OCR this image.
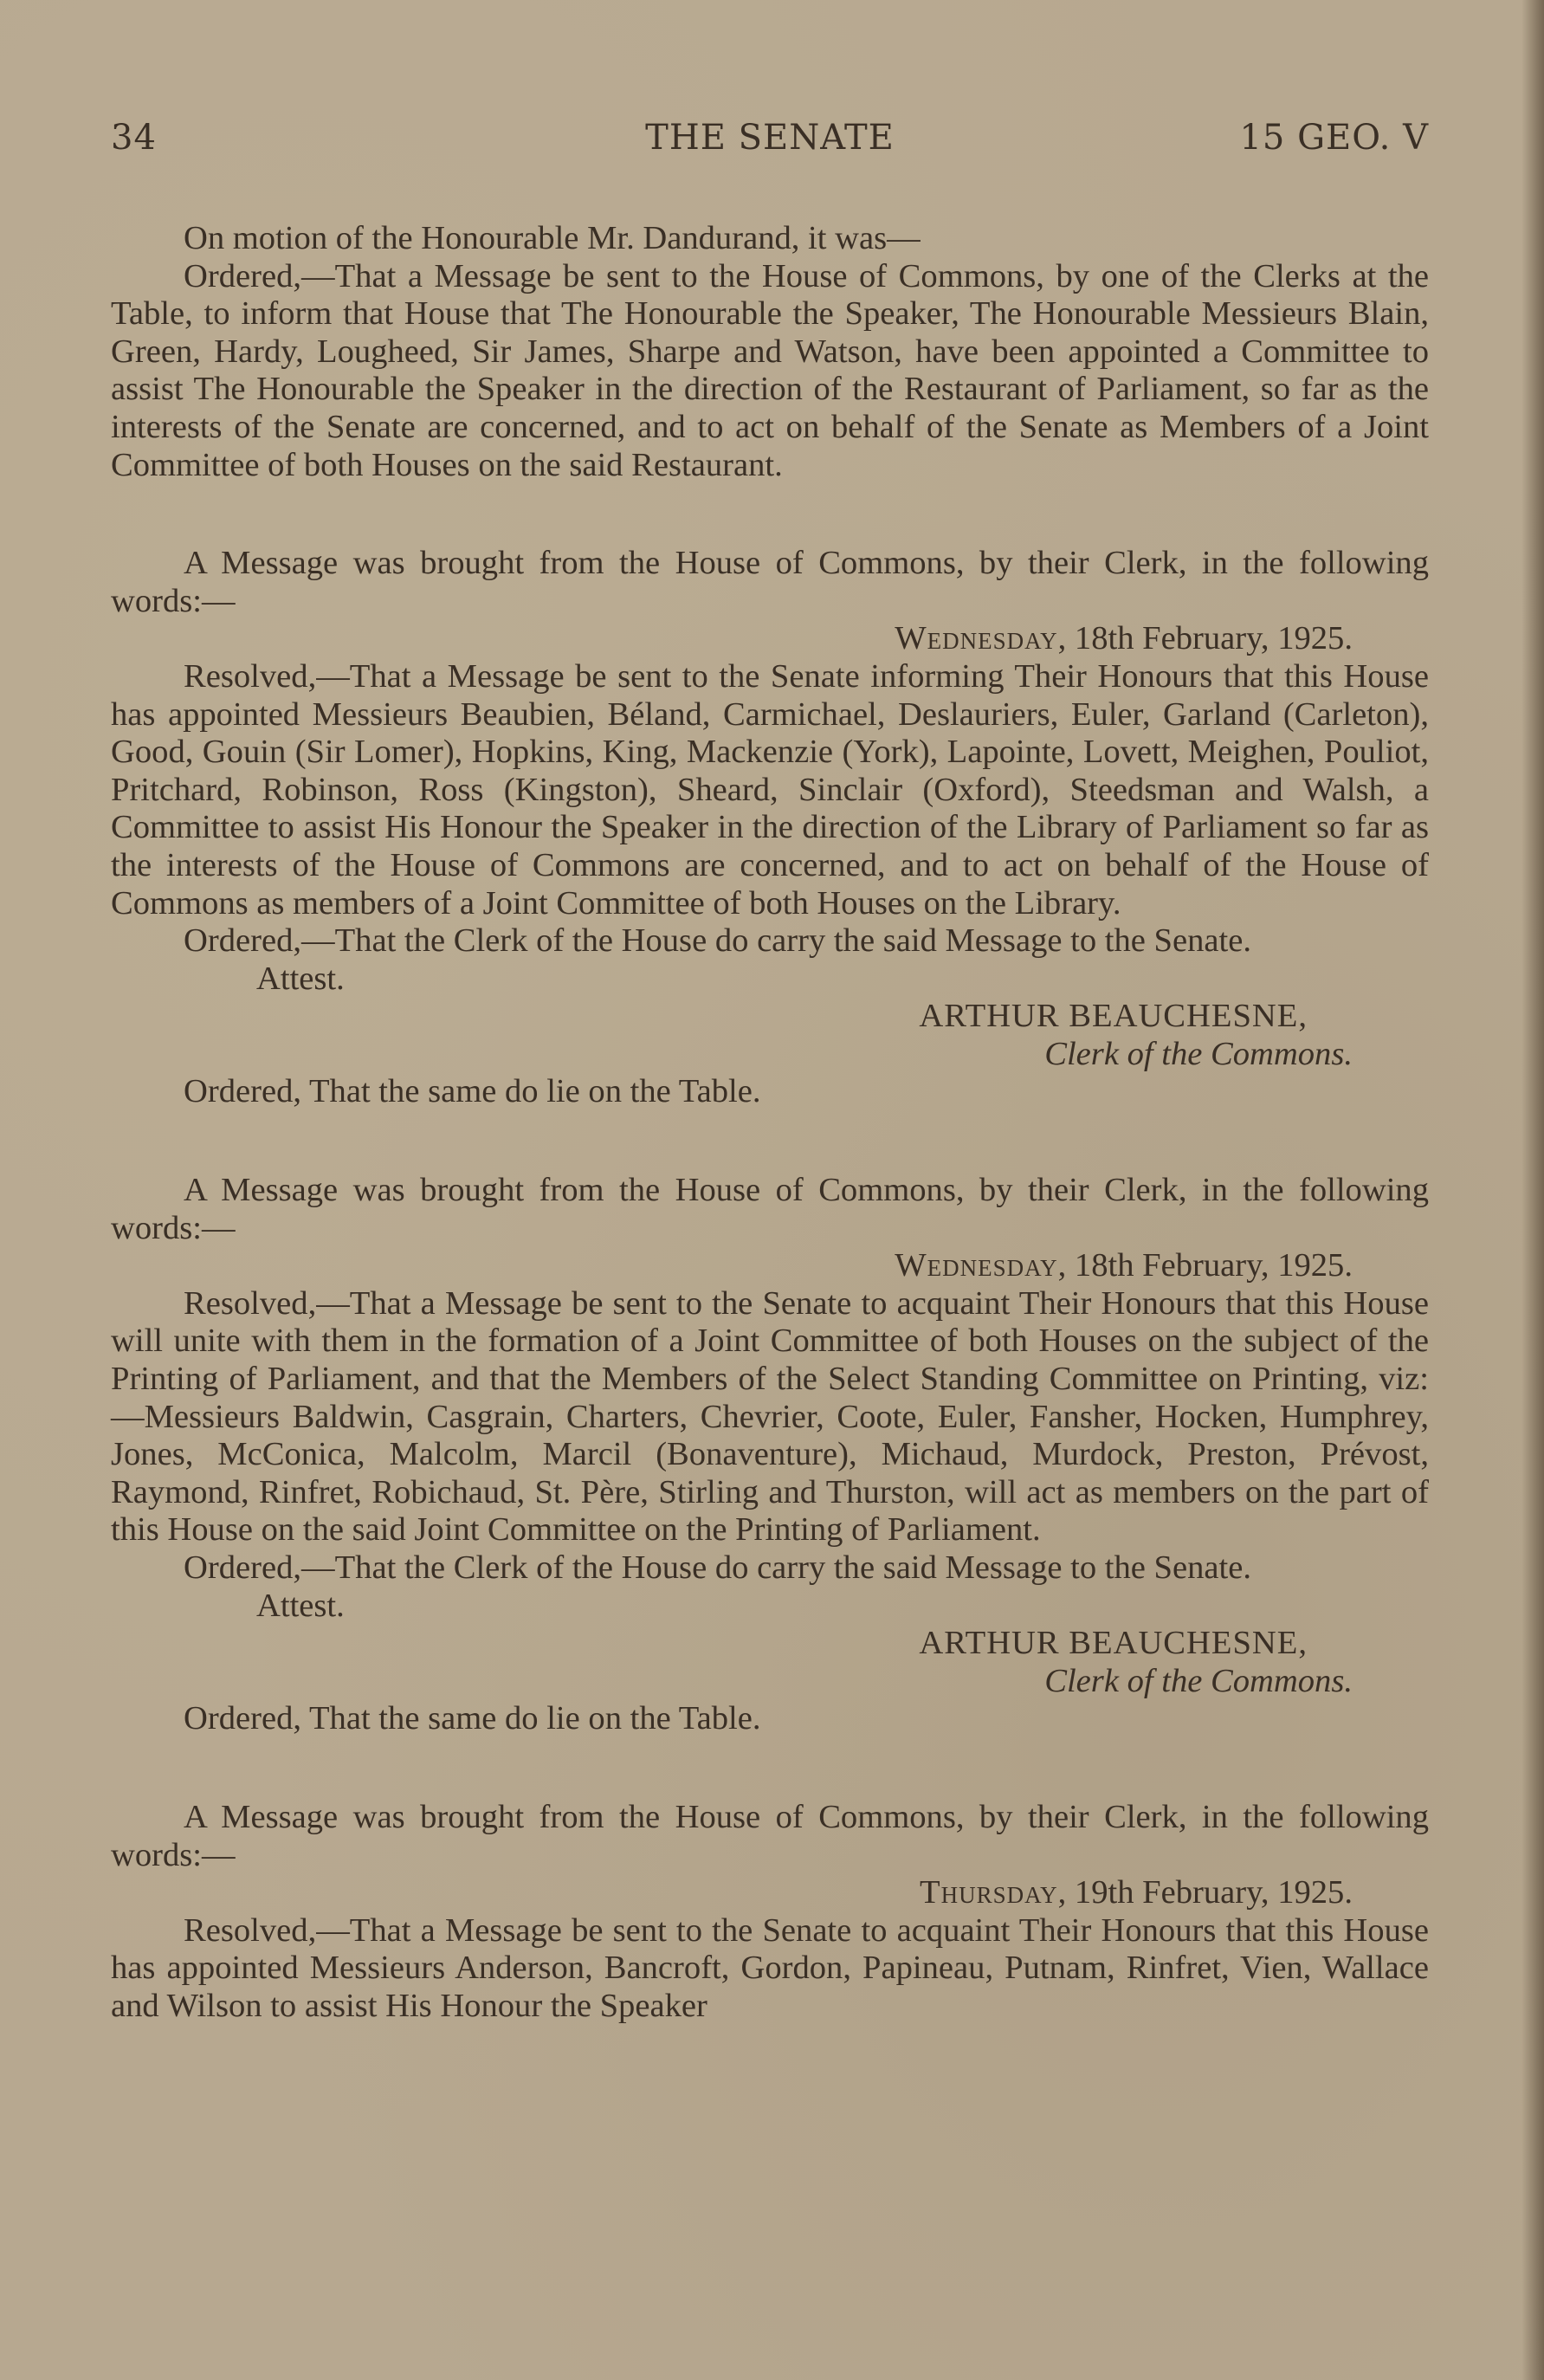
34	THE SENATE	15 GEO. V

On motion of the Honourable Mr. Dandurand, it was—

Ordered,—That a Message be sent to the House of Commons, by one of the Clerks at the Table, to inform that House that The Honourable the Speaker, The Honourable Messieurs Blain, Green, Hardy, Lougheed, Sir James, Sharpe and Watson, have been appointed a Committee to assist The Honourable the Speaker in the direction of the Restaurant of Parliament, so far as the interests of the Senate are concerned, and to act on behalf of the Senate as Members of a Joint Committee of both Houses on the said Restaurant.

A Message was brought from the House of Commons, by their Clerk, in the following words:—

Wednesday, 18th February, 1925.

Resolved,—That a Message be sent to the Senate informing Their Honours that this House has appointed Messieurs Beaubien, Béland, Carmichael, Deslauriers, Euler, Garland (Carleton), Good, Gouin (Sir Lomer), Hopkins, King, Mackenzie (York), Lapointe, Lovett, Meighen, Pouliot, Pritchard, Robinson, Ross (Kingston), Sheard, Sinclair (Oxford), Steedsman and Walsh, a Committee to assist His Honour the Speaker in the direction of the Library of Parliament so far as the interests of the House of Commons are concerned, and to act on behalf of the House of Commons as members of a Joint Committee of both Houses on the Library.

Ordered,—That the Clerk of the House do carry the said Message to the Senate.

Attest.
ARTHUR BEAUCHESNE,
Clerk of the Commons.

Ordered, That the same do lie on the Table.

A Message was brought from the House of Commons, by their Clerk, in the following words:—

Wednesday, 18th February, 1925.

Resolved,—That a Message be sent to the Senate to acquaint Their Honours that this House will unite with them in the formation of a Joint Committee of both Houses on the subject of the Printing of Parliament, and that the Members of the Select Standing Committee on Printing, viz:—Messieurs Baldwin, Casgrain, Charters, Chevrier, Coote, Euler, Fansher, Hocken, Humphrey, Jones, McConica, Malcolm, Marcil (Bonaventure), Michaud, Murdock, Preston, Prévost, Raymond, Rinfret, Robichaud, St. Père, Stirling and Thurston, will act as members on the part of this House on the said Joint Committee on the Printing of Parliament.

Ordered,—That the Clerk of the House do carry the said Message to the Senate.

Attest.
ARTHUR BEAUCHESNE,
Clerk of the Commons.

Ordered, That the same do lie on the Table.

A Message was brought from the House of Commons, by their Clerk, in the following words:—

Thursday, 19th February, 1925.

Resolved,—That a Message be sent to the Senate to acquaint Their Honours that this House has appointed Messieurs Anderson, Bancroft, Gordon, Papineau, Putnam, Rinfret, Vien, Wallace and Wilson to assist His Honour the Speaker
